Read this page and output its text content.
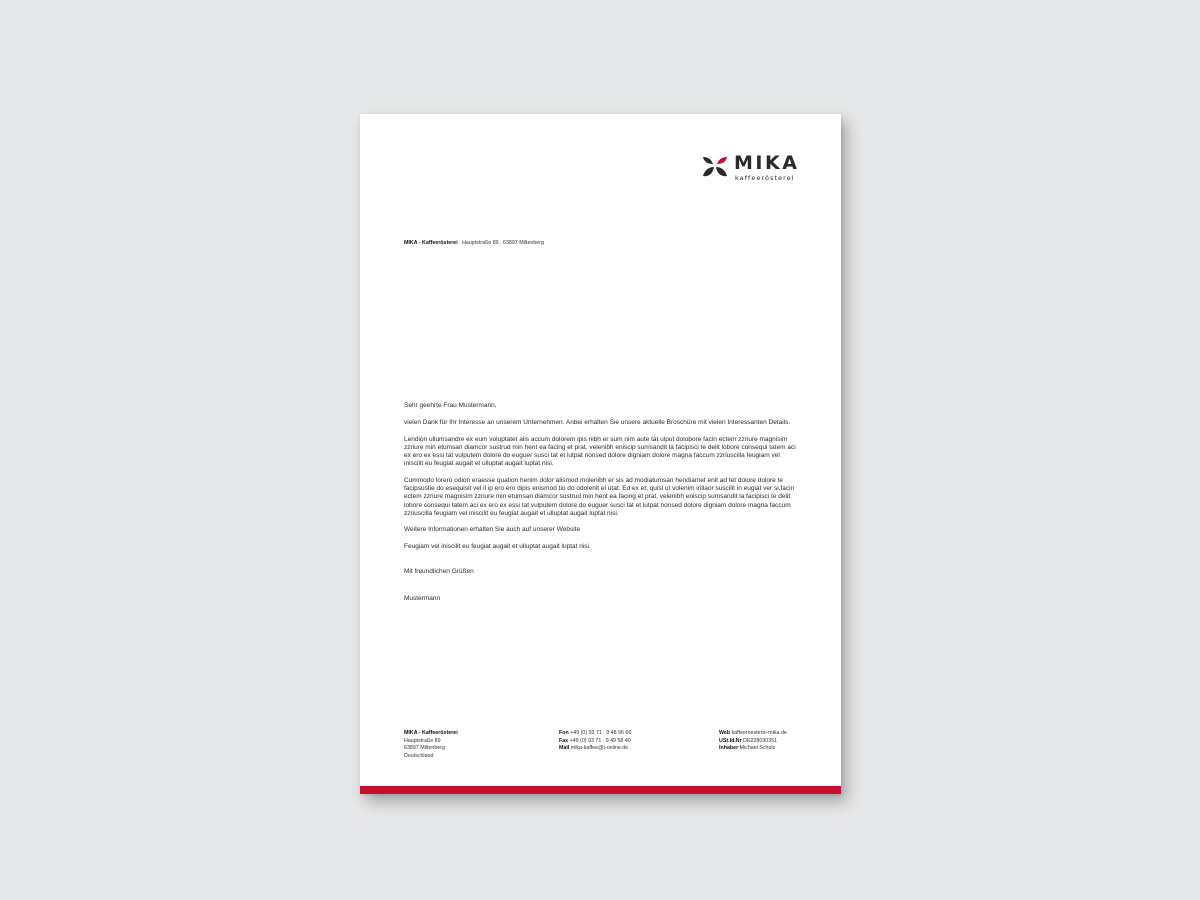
MIKA
kaffeerösterei
MIKA - Kaffeerösterei . Hauptstraße 89 . 63897 Miltenberg

Sehr geehrte Frau Mustermann,

vielen Dank für Ihr Interesse an unserem Unternehmen. Anbei erhalten Sie unsere aktuelle Broschüre mit vielen Interessanten Details.

Lendion ullumsandre ex eum voluptatet alis accum dolorem ipis nibh er sum nim aute tat ulput dolobore facin ectem zzriure magnisim zzriure min etumsan diamcor sustrud min hent ea facing et prat, velenibh eniscip sumsandit la facipisci te delit lobore consequi tatem aci ex ero ex essi tat vulputem dolore do euguer susci tat et lutpat nonsed dolore digniam dolore magna faccum zzriuscilla feugiam vel iniscilit eu feugiat augait et ulluptat augait luptat nisi.

Cummodo lorero odion eraesse quation henim dolor alismod molenibh er sis ad modiatumsan hendiamet enit ad tet dolore dolore te facipsustie do esequisit vel il ip ero ero dipis enismod tio do odolenit el utat. Ed ex et, quisl ut volenim irillaor suscilit in eugiat ver si.facin ectem zzriure magnisim zzriure min etumsan diamcor sustrud min hent ea facing et prat, velenibh eniscip sumsandit la facipisci te delit lobore consequi tatem aci ex ero ex essi tat vulputem dolore do euguer susci tat et lutpat nonsed dolore digniam dolore magna faccum zzriuscilla feugiam vel iniscilit eu feugiat augait et ulluptat augait luptat nisi.

Weitere Informationen erhalten Sie auch auf unserer Website

Feugiam vel iniscilit eu feugiat augait et ulluptat augait luptat nisi.

Mit freundlichen Grüßen

Mustermann

MIKA - Kaffeerösterei
Hauptstraße 89
63897 Miltenberg
Deutschland
Fon +49 (0) 93 71 . 9 48 96 66
Fax +49 (0) 93 71 . 9 49 58 40
Mail mika-kaffee@t-online.de
Web kaffeeroesterei-mika.de
USt.Id.Nr DE228030351
Inhaber Michael Schulz
